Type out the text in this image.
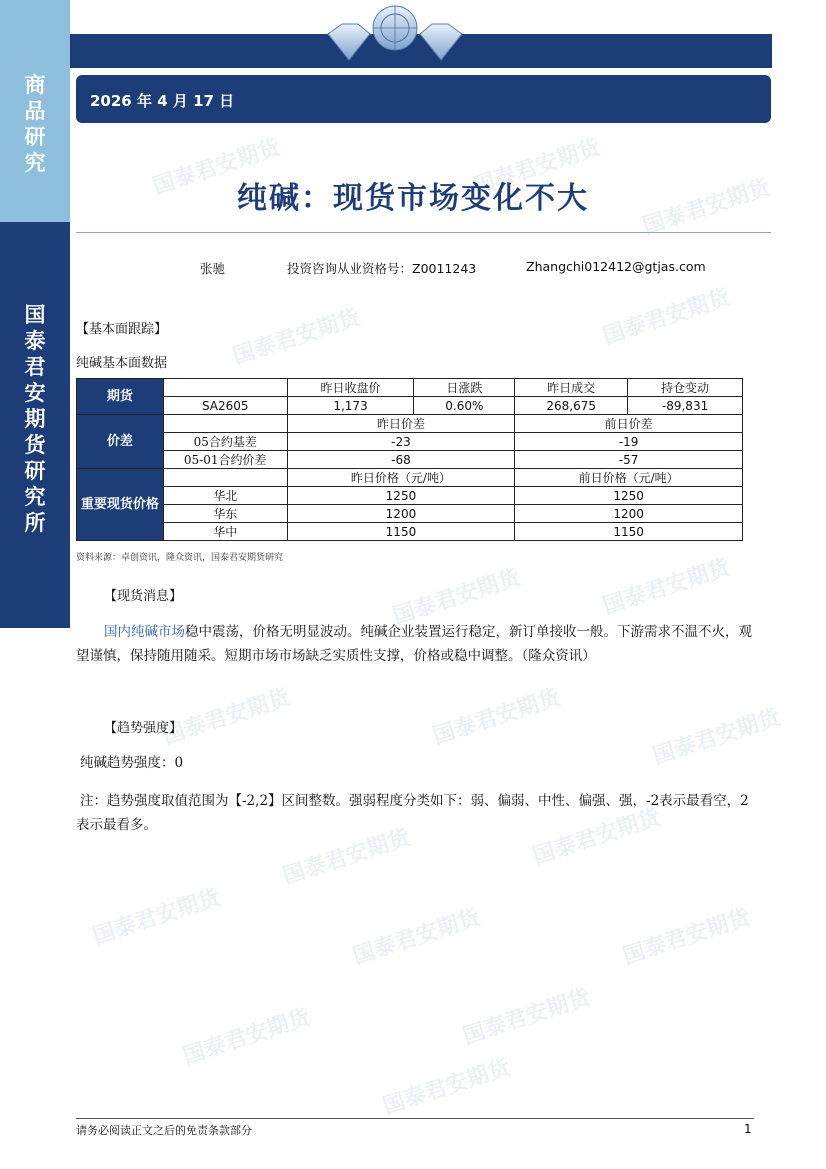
商
品
研
究
国
泰
君
安
期
货
研
究
所
2026 年 4 月 17 日
国泰君安期货	国泰君安期货
国泰君安期货
国泰君安期货	国泰君安期货
国泰君安期货	国泰君安期货
国泰君安期货	国泰君安期货	国泰君安期货
国泰君安期货	国泰君安期货
国泰君安期货	国泰君安期货	国泰君安期货
国泰君安期货	国泰君安期货
国泰君安期货
纯碱：现货市场变化不大
张驰	投资咨询从业资格号：Z0011243	Zhangchi012412@gtjas.com
【基本面跟踪】
纯碱基本面数据
期货		昨日收盘价	日涨跌	昨日成交	持仓变动
	SA2605	1,173	0.60%	268,675	-89,831
价差		昨日价差		前日价差	
	05合约基差	-23		-19	
	05-01合约价差	-68		-57	
重要现货价格		昨日价格（元/吨）		前日价格（元/吨）	
	华北	1250		1250	
	华东	1200		1200	
	华中	1150		1150	
资料来源：卓创资讯，隆众资讯，国泰君安期货研究
【现货消息】
国内纯碱市场稳中震荡，价格无明显波动。纯碱企业装置运行稳定，新订单接收一般。下游需求不温不火，观望谨慎，保持随用随采。短期市场市场缺乏实质性支撑，价格或稳中调整。（隆众资讯）
【趋势强度】
纯碱趋势强度：0
注：趋势强度取值范围为【-2,2】区间整数。强弱程度分类如下：弱、偏弱、中性、偏强、强，-2表示最看空，2表示最看多。
请务必阅读正文之后的免责条款部分	1
